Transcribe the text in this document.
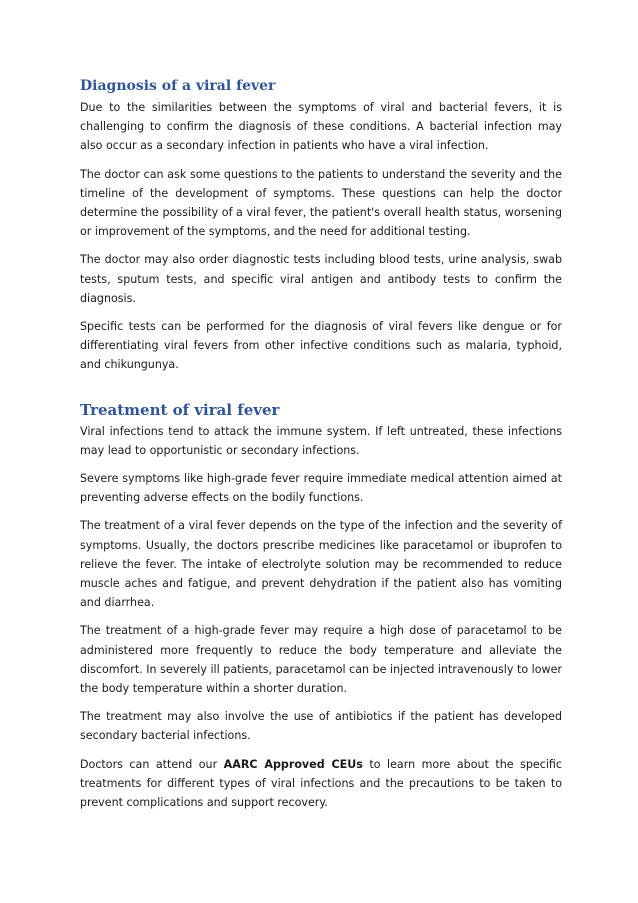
Diagnosis of a viral fever

Due to the similarities between the symptoms of viral and bacterial fevers, it is challenging to confirm the diagnosis of these conditions. A bacterial infection may also occur as a secondary infection in patients who have a viral infection.

The doctor can ask some questions to the patients to understand the severity and the timeline of the development of symptoms. These questions can help the doctor determine the possibility of a viral fever, the patient's overall health status, worsening or improvement of the symptoms, and the need for additional testing.

The doctor may also order diagnostic tests including blood tests, urine analysis, swab tests, sputum tests, and specific viral antigen and antibody tests to confirm the diagnosis.

Specific tests can be performed for the diagnosis of viral fevers like dengue or for differentiating viral fevers from other infective conditions such as malaria, typhoid, and chikungunya.

Treatment of viral fever

Viral infections tend to attack the immune system. If left untreated, these infections may lead to opportunistic or secondary infections.

Severe symptoms like high-grade fever require immediate medical attention aimed at preventing adverse effects on the bodily functions.

The treatment of a viral fever depends on the type of the infection and the severity of symptoms. Usually, the doctors prescribe medicines like paracetamol or ibuprofen to relieve the fever. The intake of electrolyte solution may be recommended to reduce muscle aches and fatigue, and prevent dehydration if the patient also has vomiting and diarrhea.

The treatment of a high-grade fever may require a high dose of paracetamol to be administered more frequently to reduce the body temperature and alleviate the discomfort. In severely ill patients, paracetamol can be injected intravenously to lower the body temperature within a shorter duration.

The treatment may also involve the use of antibiotics if the patient has developed secondary bacterial infections.

Doctors can attend our AARC Approved CEUs to learn more about the specific treatments for different types of viral infections and the precautions to be taken to prevent complications and support recovery.
